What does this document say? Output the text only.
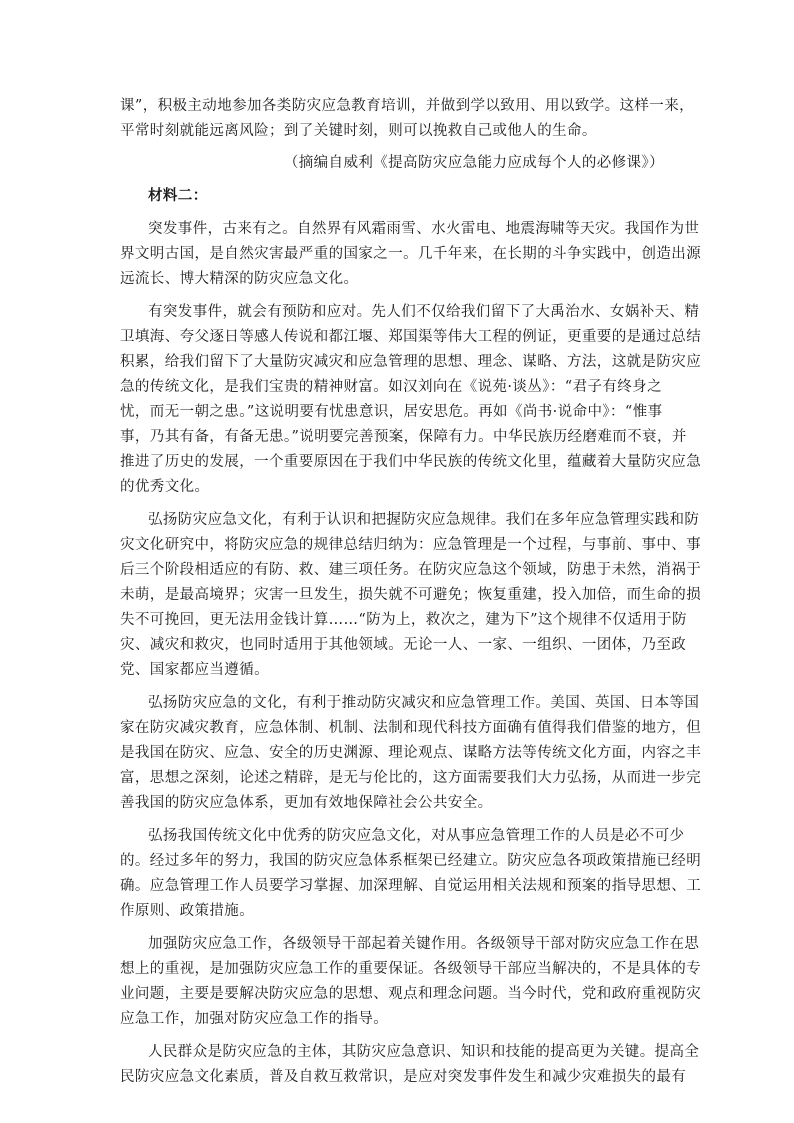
课”，积极主动地参加各类防灾应急教育培训，并做到学以致用、用以致学。这样一来，
平常时刻就能远离风险；到了关键时刻，则可以挽救自己或他人的生命。
（摘编自威利《提高防灾应急能力应成每个人的必修课》）
材料二：
突发事件，古来有之。自然界有风霜雨雪、水火雷电、地震海啸等天灾。我国作为世
界文明古国，是自然灾害最严重的国家之一。几千年来，在长期的斗争实践中，创造出源
远流长、博大精深的防灾应急文化。
有突发事件，就会有预防和应对。先人们不仅给我们留下了大禹治水、女娲补天、精
卫填海、夸父逐日等感人传说和都江堰、郑国渠等伟大工程的例证，更重要的是通过总结
积累，给我们留下了大量防灾减灾和应急管理的思想、理念、谋略、方法，这就是防灾应
急的传统文化，是我们宝贵的精神财富。如汉刘向在《说苑·谈丛》：“君子有终身之
忧，而无一朝之患。”这说明要有忧患意识，居安思危。再如《尚书·说命中》：“惟事
事，乃其有备，有备无患。”说明要完善预案，保障有力。中华民族历经磨难而不衰，并
推进了历史的发展，一个重要原因在于我们中华民族的传统文化里，蕴藏着大量防灾应急
的优秀文化。
弘扬防灾应急文化，有利于认识和把握防灾应急规律。我们在多年应急管理实践和防
灾文化研究中，将防灾应急的规律总结归纳为：应急管理是一个过程，与事前、事中、事
后三个阶段相适应的有防、救、建三项任务。在防灾应急这个领域，防患于未然，消祸于
未萌，是最高境界；灾害一旦发生，损失就不可避免；恢复重建，投入加倍，而生命的损
失不可挽回，更无法用金钱计算……“防为上，救次之，建为下”这个规律不仅适用于防
灾、减灾和救灾，也同时适用于其他领域。无论一人、一家、一组织、一团体，乃至政
党、国家都应当遵循。
弘扬防灾应急的文化，有利于推动防灾减灾和应急管理工作。美国、英国、日本等国
家在防灾减灾教育，应急体制、机制、法制和现代科技方面确有值得我们借鉴的地方，但
是我国在防灾、应急、安全的历史渊源、理论观点、谋略方法等传统文化方面，内容之丰
富，思想之深刻，论述之精辟，是无与伦比的，这方面需要我们大力弘扬，从而进一步完
善我国的防灾应急体系，更加有效地保障社会公共安全。
弘扬我国传统文化中优秀的防灾应急文化，对从事应急管理工作的人员是必不可少
的。经过多年的努力，我国的防灾应急体系框架已经建立。防灾应急各项政策措施已经明
确。应急管理工作人员要学习掌握、加深理解、自觉运用相关法规和预案的指导思想、工
作原则、政策措施。
加强防灾应急工作，各级领导干部起着关键作用。各级领导干部对防灾应急工作在思
想上的重视，是加强防灾应急工作的重要保证。各级领导干部应当解决的，不是具体的专
业问题，主要是要解决防灾应急的思想、观点和理念问题。当今时代，党和政府重视防灾
应急工作，加强对防灾应急工作的指导。
人民群众是防灾应急的主体，其防灾应急意识、知识和技能的提高更为关键。提高全
民防灾应急文化素质，普及自救互救常识，是应对突发事件发生和减少灾难损失的最有
